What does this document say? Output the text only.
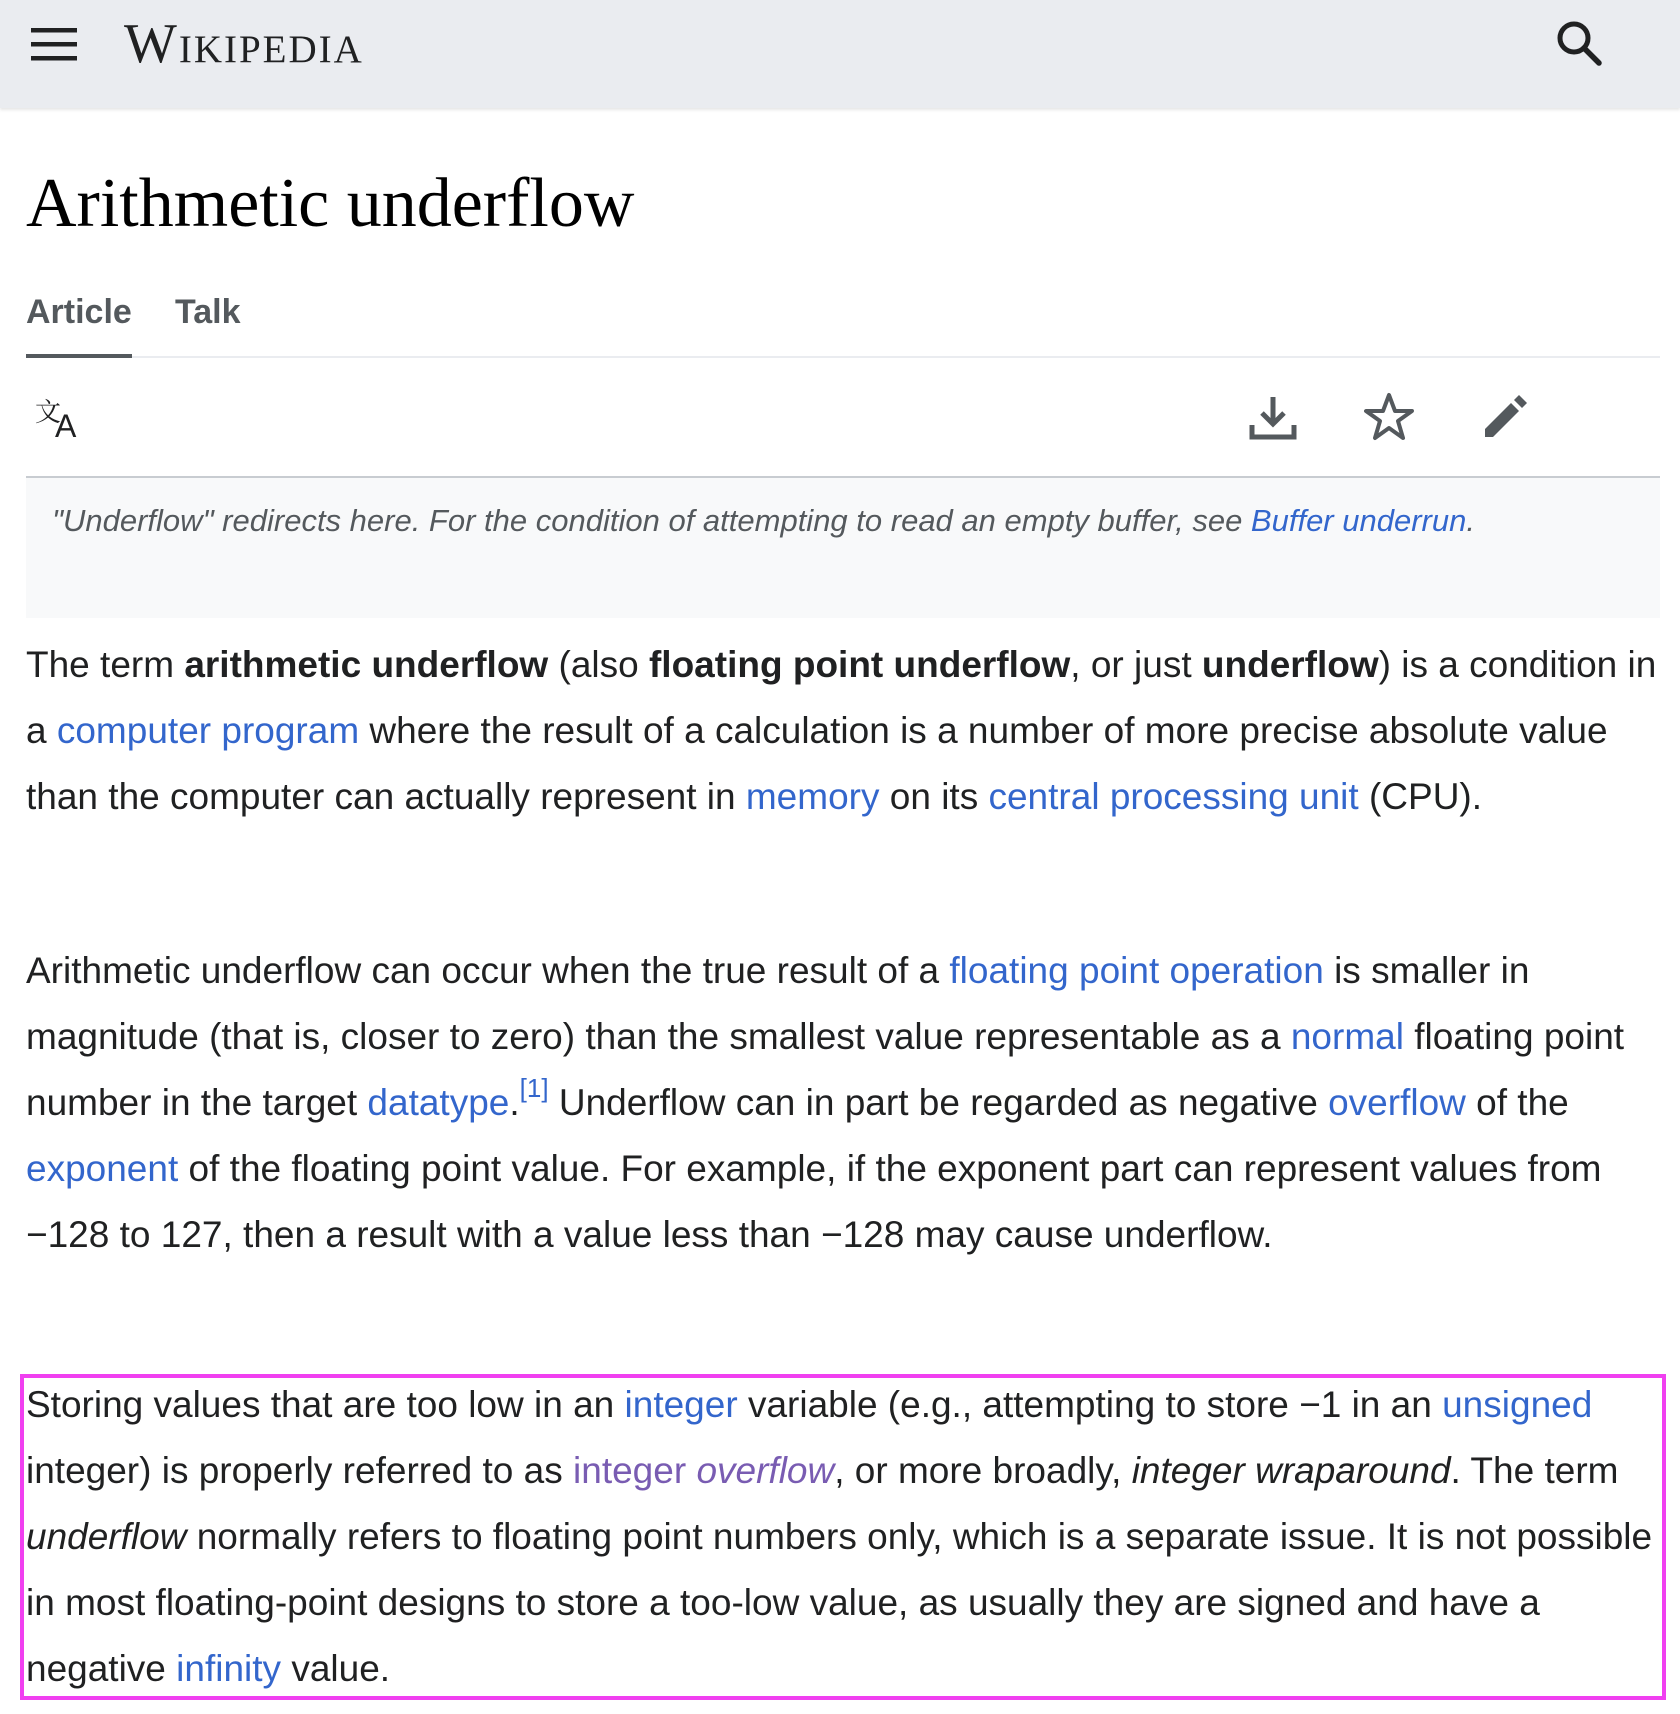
Wikipedia
Arithmetic underflow
Article Talk
文
A
"Underflow" redirects here. For the condition of attempting to read an empty buffer, see Buffer underrun.

The term arithmetic underflow (also floating point underflow, or just underflow) is a condition in a computer program where the result of a calculation is a number of more precise absolute value than the computer can actually represent in memory on its central processing unit (CPU).

Arithmetic underflow can occur when the true result of a floating point operation is smaller in magnitude (that is, closer to zero) than the smallest value representable as a normal floating point number in the target datatype.[1] Underflow can in part be regarded as negative overflow of the exponent of the floating point value. For example, if the exponent part can represent values from −128 to 127, then a result with a value less than −128 may cause underflow.

Storing values that are too low in an integer variable (e.g., attempting to store −1 in an unsigned integer) is properly referred to as integer overflow, or more broadly, integer wraparound. The term underflow normally refers to floating point numbers only, which is a separate issue. It is not possible in most floating-point designs to store a too-low value, as usually they are signed and have a negative infinity value.
